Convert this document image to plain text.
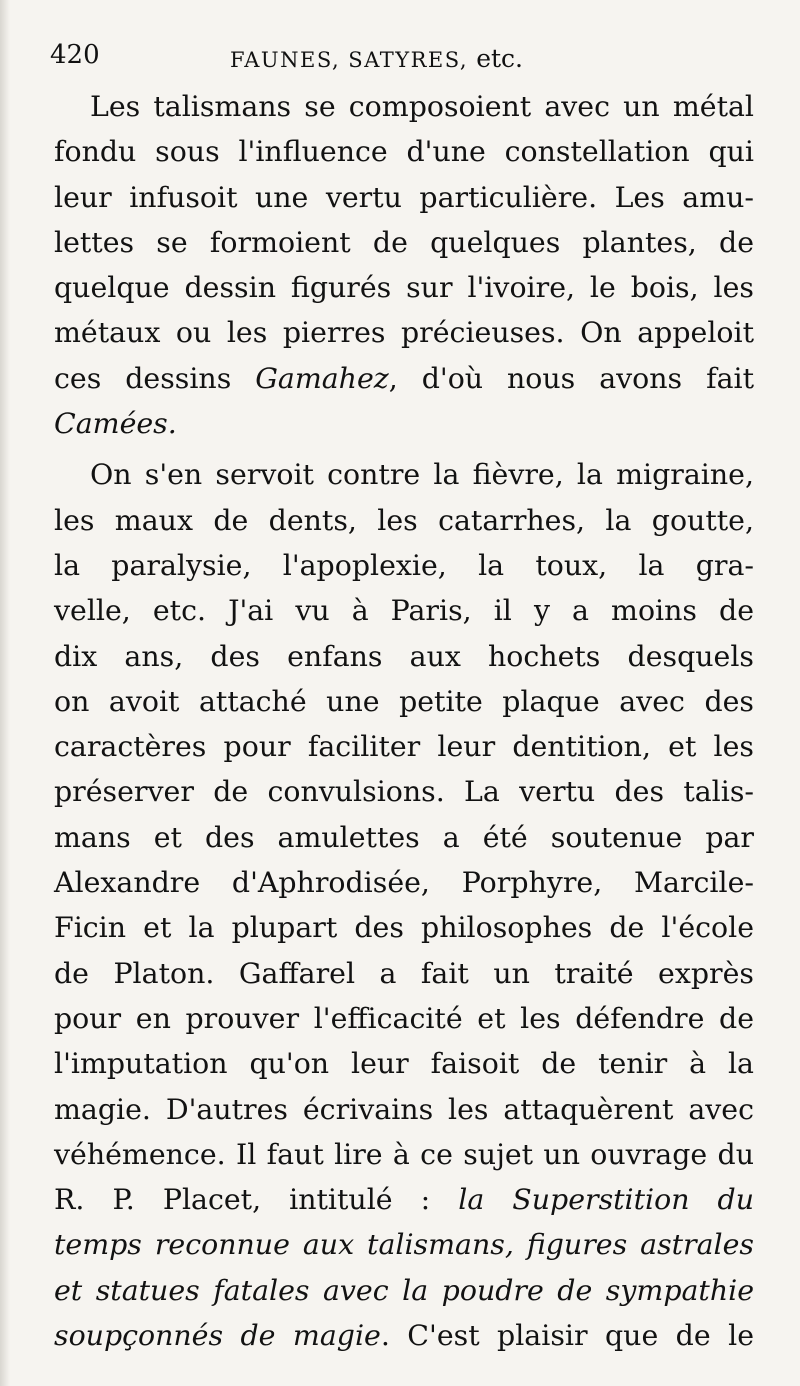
420	FAUNES, SATYRES, etc.
Les talismans se composoient avec un métal
fondu sous l'influence d'une constellation qui
leur infusoit une vertu particulière. Les amu-
lettes se formoient de quelques plantes, de
quelque dessin figurés sur l'ivoire, le bois, les
métaux ou les pierres précieuses. On appeloit
ces dessins Gamahez, d'où nous avons fait
Camées.
On s'en servoit contre la fièvre, la migraine,
les maux de dents, les catarrhes, la goutte,
la paralysie, l'apoplexie, la toux, la gra-
velle, etc. J'ai vu à Paris, il y a moins de
dix ans, des enfans aux hochets desquels
on avoit attaché une petite plaque avec des
caractères pour faciliter leur dentition, et les
préserver de convulsions. La vertu des talis-
mans et des amulettes a été soutenue par
Alexandre d'Aphrodisée, Porphyre, Marcile-
Ficin et la plupart des philosophes de l'école
de Platon. Gaffarel a fait un traité exprès
pour en prouver l'efficacité et les défendre de
l'imputation qu'on leur faisoit de tenir à la
magie. D'autres écrivains les attaquèrent avec
véhémence. Il faut lire à ce sujet un ouvrage du
R. P. Placet, intitulé : la Superstition du
temps reconnue aux talismans, figures astrales
et statues fatales avec la poudre de sympathie
soupçonnés de magie. C'est plaisir que de le
